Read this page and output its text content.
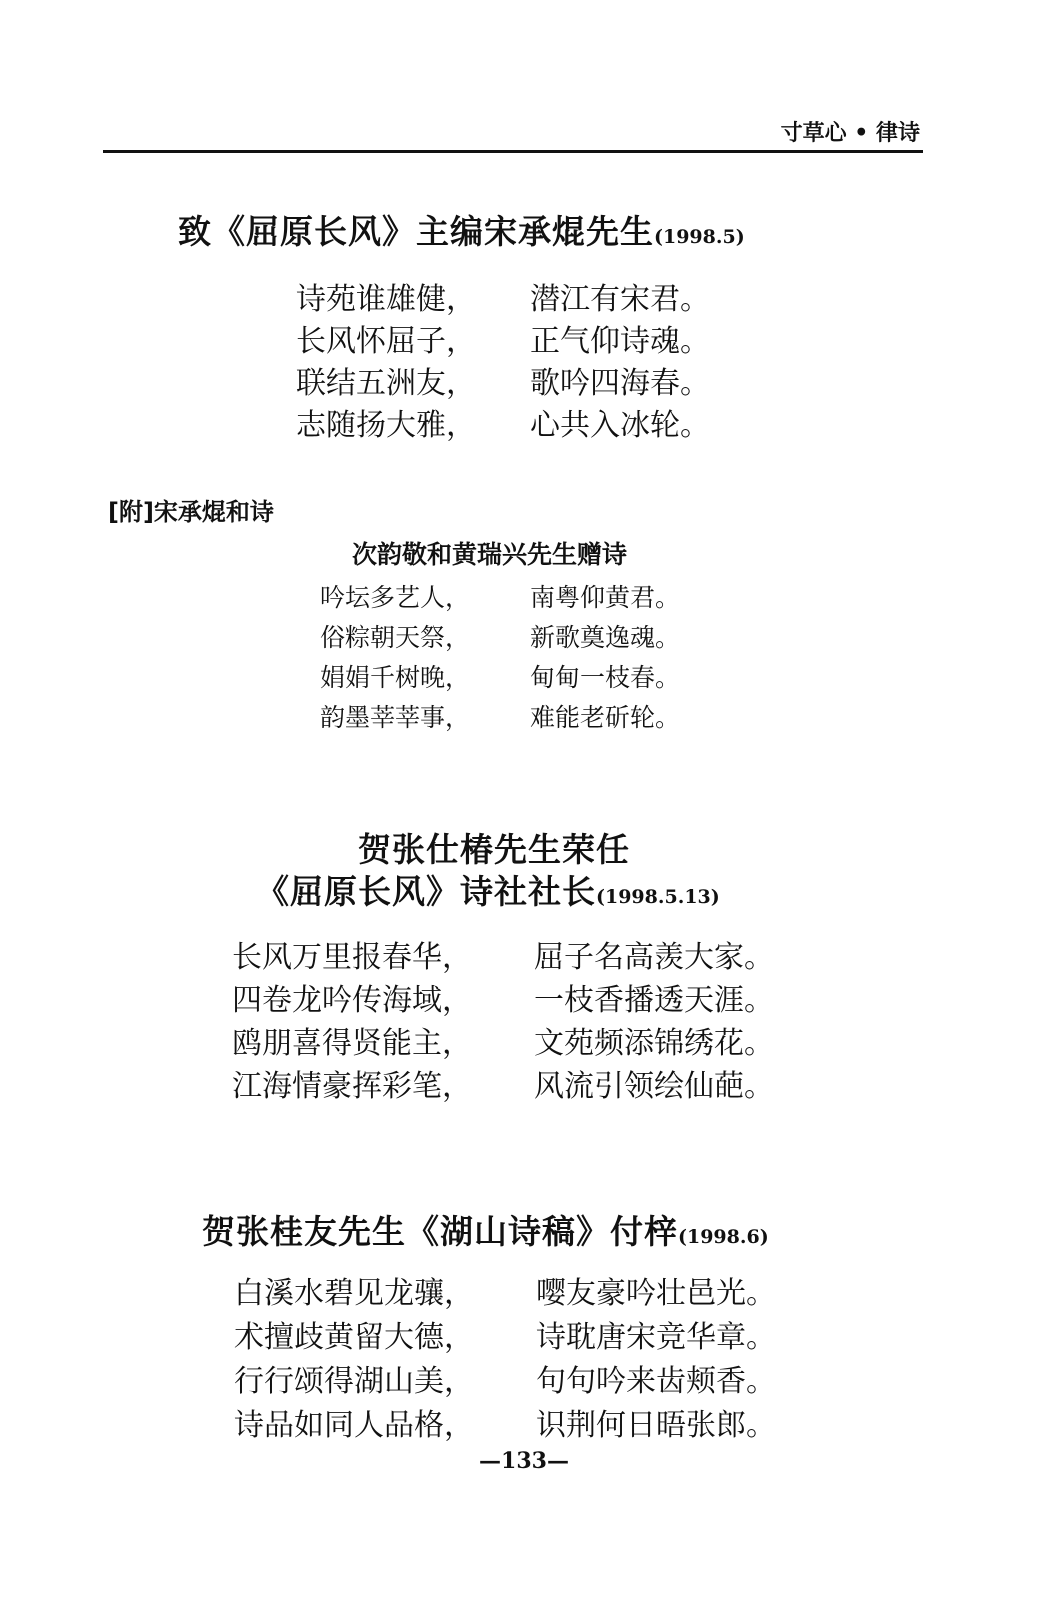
寸草心 • 律诗
致《屈原长风》主编宋承焜先生(1998.5)
诗苑谁雄健， 潜江有宋君。
长风怀屈子， 正气仰诗魂。
联结五洲友， 歌吟四海春。
志随扬大雅， 心共入冰轮。
[附]宋承焜和诗
次韵敬和黄瑞兴先生赠诗
吟坛多艺人， 南粤仰黄君。
俗粽朝天祭， 新歌奠逸魂。
娟娟千树晚， 甸甸一枝春。
韵墨莘莘事， 难能老斫轮。
贺张仕椿先生荣任
《屈原长风》诗社社长(1998.5.13)
长风万里报春华， 屈子名高羡大家。
四卷龙吟传海域， 一枝香播透天涯。
鸥朋喜得贤能主， 文苑频添锦绣花。
江海情豪挥彩笔， 风流引领绘仙葩。
贺张桂友先生《湖山诗稿》付梓(1998.6)
白溪水碧见龙骧， 嘤友豪吟壮邑光。
术擅歧黄留大德， 诗耽唐宋竞华章。
行行颂得湖山美， 句句吟来齿颊香。
诗品如同人品格， 识荆何日晤张郎。
—133—
